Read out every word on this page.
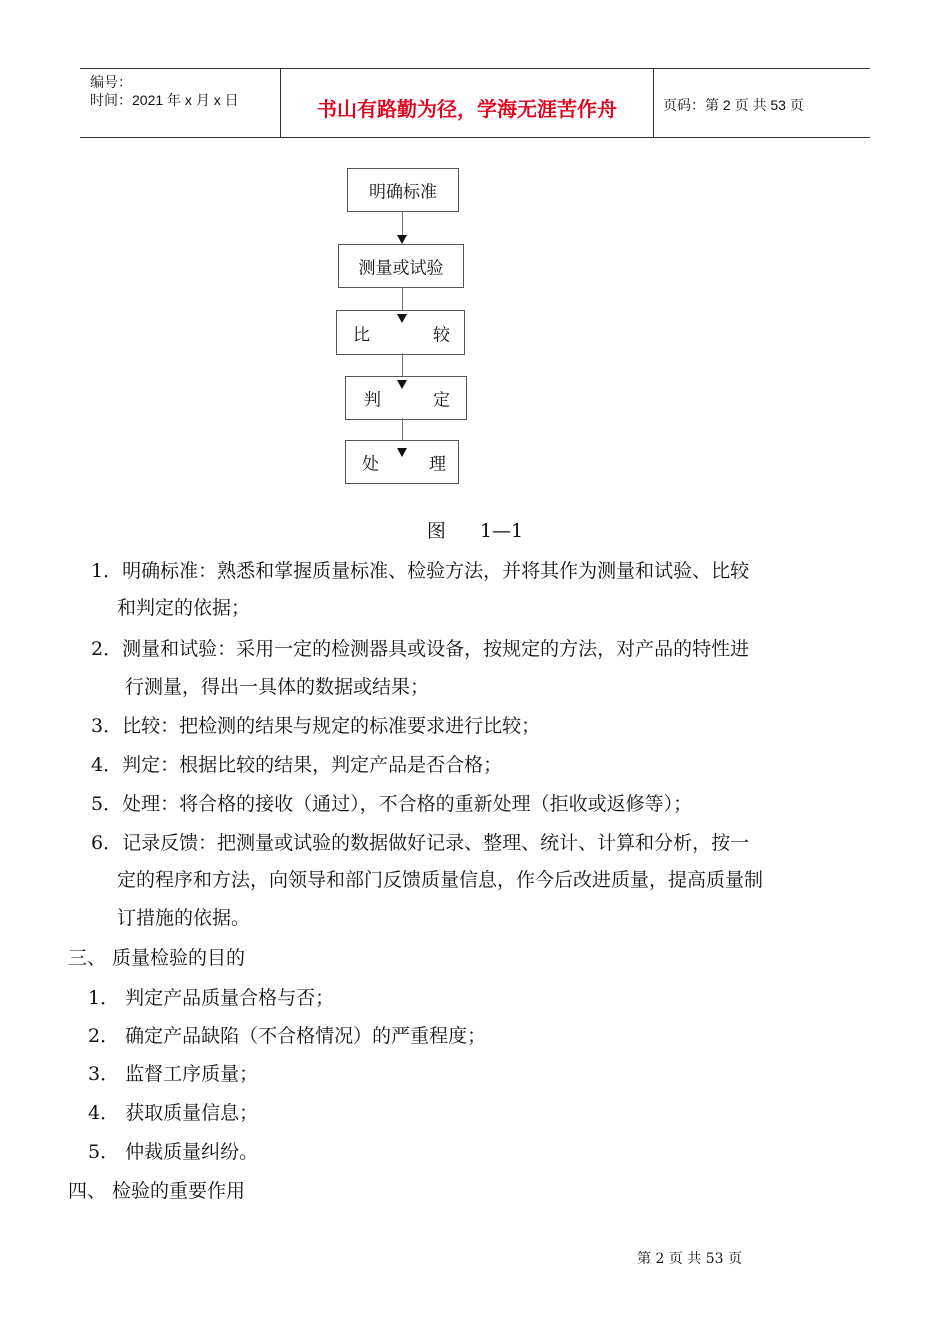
编号：
时间：2021 年 x 月 x 日	书山有路勤为径，学海无涯苦作舟	页码：第 2 页 共 53 页
明确标准
测量或试验
比	较
判	定
处	理
图 1—1
1．明确标准：熟悉和掌握质量标准、检验方法，并将其作为测量和试验、比较
和判定的依据；
2．测量和试验：采用一定的检测器具或设备，按规定的方法，对产品的特性进
行测量，得出一具体的数据或结果；
3．比较：把检测的结果与规定的标准要求进行比较；
4．判定：根据比较的结果，判定产品是否合格；
5．处理：将合格的接收（通过），不合格的重新处理（拒收或返修等）；
6．记录反馈：把测量或试验的数据做好记录、整理、统计、计算和分析，按一
定的程序和方法，向领导和部门反馈质量信息，作今后改进质量，提高质量制
订措施的依据。
三、 质量检验的目的
1． 判定产品质量合格与否；
2． 确定产品缺陷（不合格情况）的严重程度；
3． 监督工序质量；
4． 获取质量信息；
5． 仲裁质量纠纷。
四、 检验的重要作用
第 2 页 共 53 页
